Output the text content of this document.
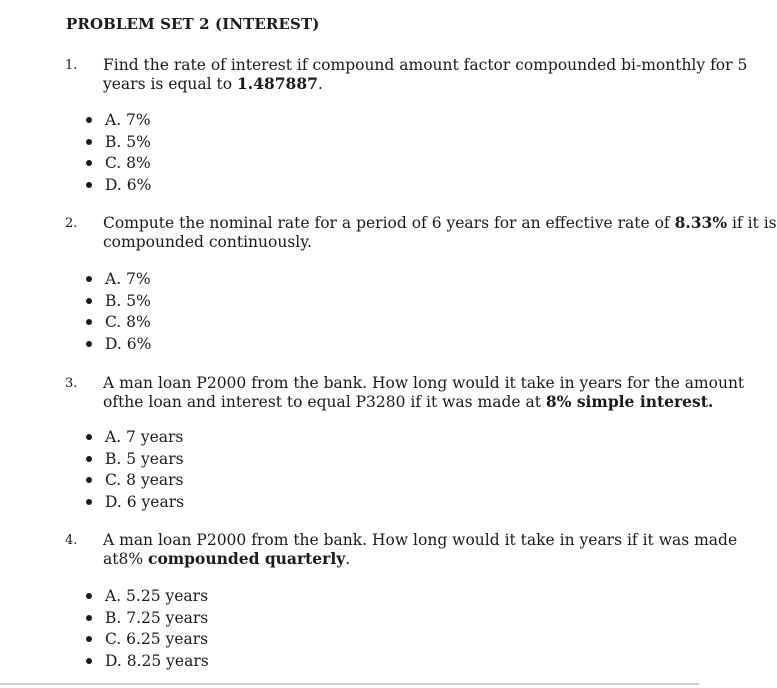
PROBLEM SET 2 (INTEREST)
1. Find the rate of interest if compound amount factor compounded bi-monthly for 5
years is equal to 1.487887.
A. 7%
B. 5%
C. 8%
D. 6%
2. Compute the nominal rate for a period of 6 years for an effective rate of 8.33% if it is
compounded continuously.
A. 7%
B. 5%
C. 8%
D. 6%
3. A man loan P2000 from the bank. How long would it take in years for the amount
ofthe loan and interest to equal P3280 if it was made at 8% simple interest.
A. 7 years
B. 5 years
C. 8 years
D. 6 years
4. A man loan P2000 from the bank. How long would it take in years if it was made
at8% compounded quarterly.
A. 5.25 years
B. 7.25 years
C. 6.25 years
D. 8.25 years
